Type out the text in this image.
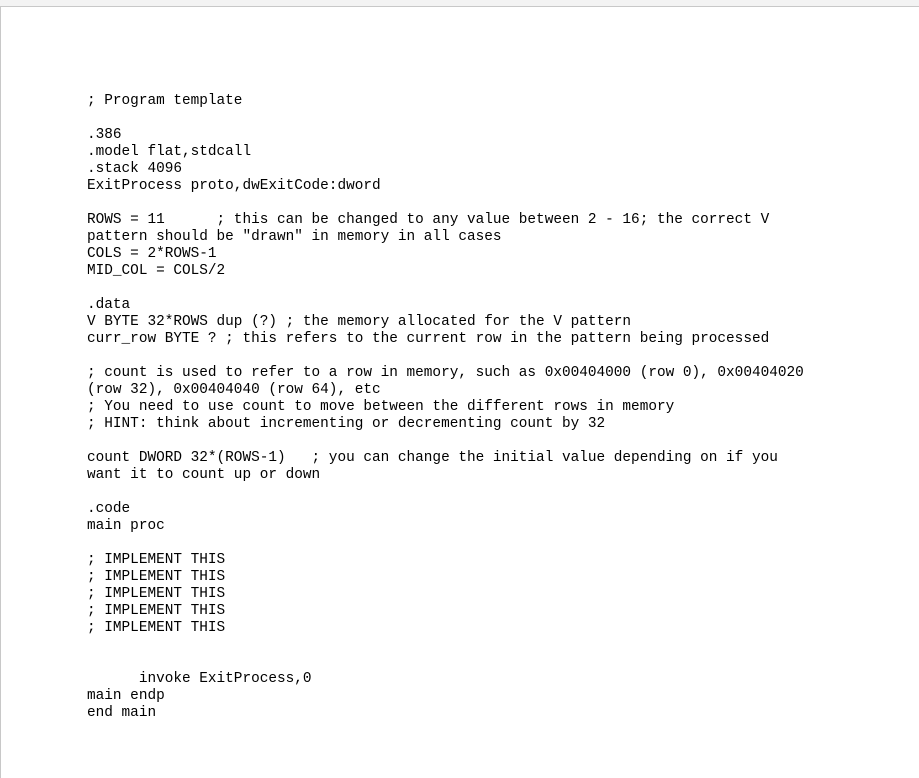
; Program template
.386
.model flat,stdcall
.stack 4096
ExitProcess proto,dwExitCode:dword
ROWS = 11      ; this can be changed to any value between 2 - 16; the correct V
pattern should be "drawn" in memory in all cases
COLS = 2*ROWS-1
MID_COL = COLS/2
.data
V BYTE 32*ROWS dup (?) ; the memory allocated for the V pattern
curr_row BYTE ? ; this refers to the current row in the pattern being processed
; count is used to refer to a row in memory, such as 0x00404000 (row 0), 0x00404020
(row 32), 0x00404040 (row 64), etc
; You need to use count to move between the different rows in memory
; HINT: think about incrementing or decrementing count by 32
count DWORD 32*(ROWS-1)   ; you can change the initial value depending on if you
want it to count up or down
.code
main proc
; IMPLEMENT THIS
; IMPLEMENT THIS
; IMPLEMENT THIS
; IMPLEMENT THIS
; IMPLEMENT THIS
invoke ExitProcess,0
main endp
end main
